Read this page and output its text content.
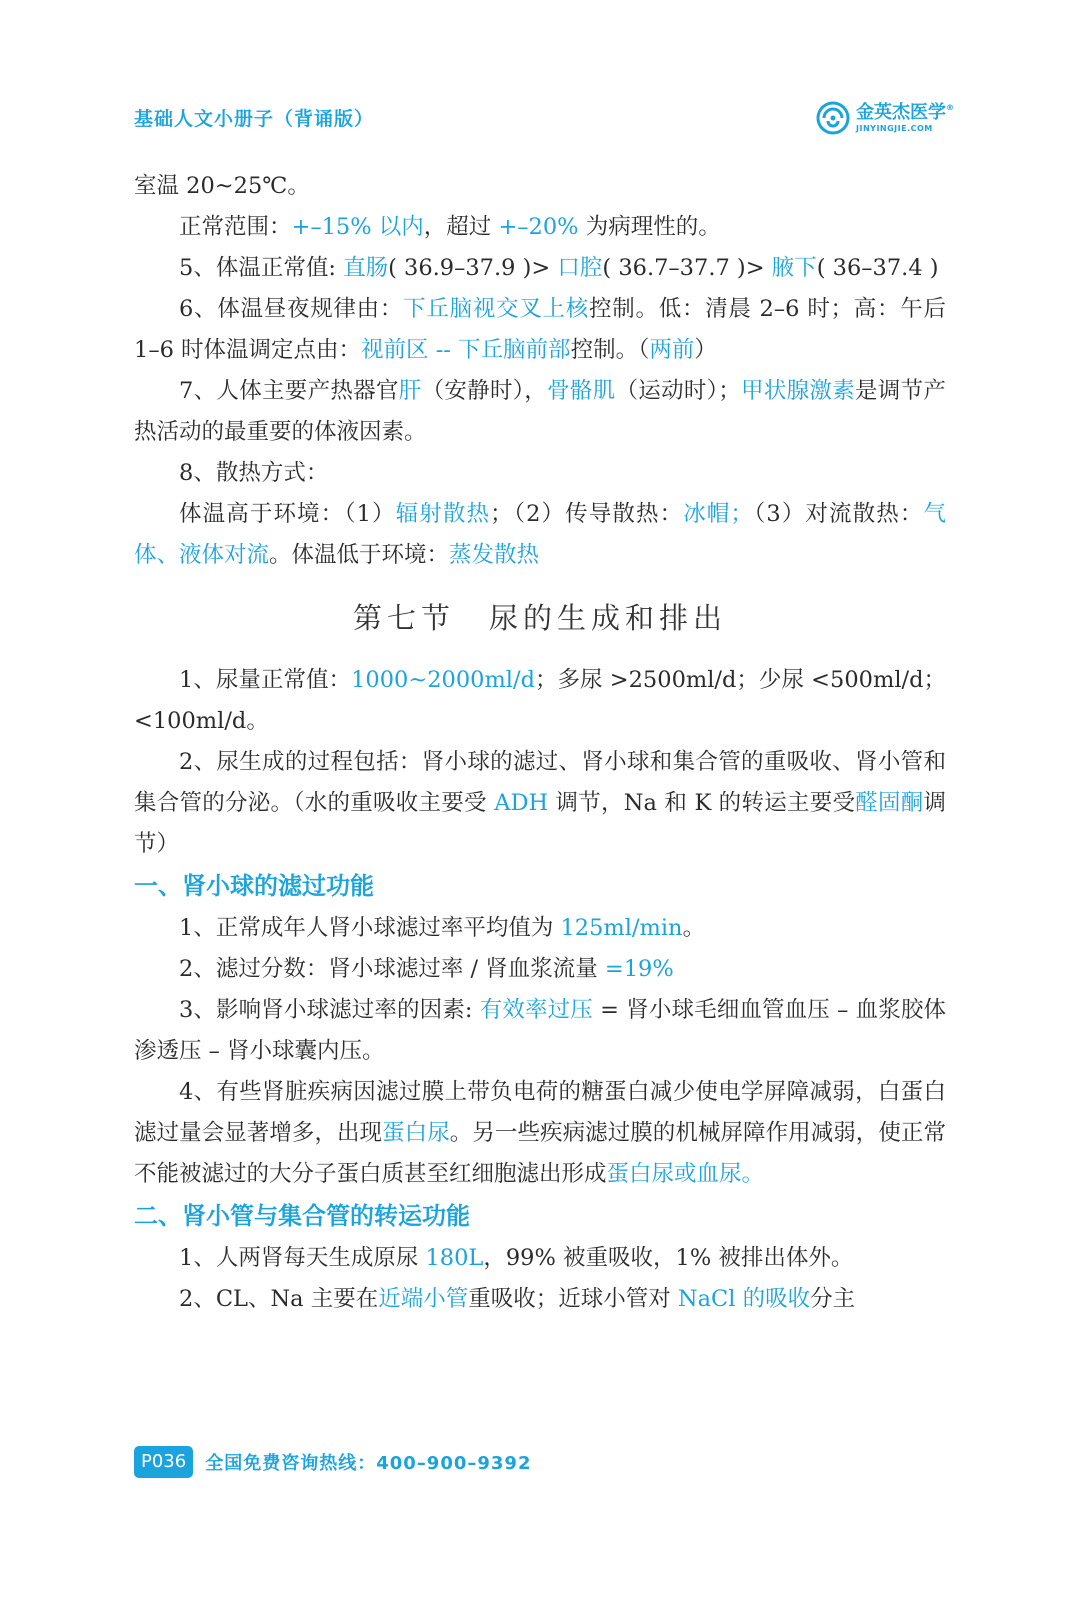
基础人文小册子（背诵版）	金英杰医学®
JINYINGJIE.COM

室温 20~25℃。

正常范围：+–15% 以内，超过 +–20% 为病理性的。

5、体温正常值: 直肠( 36.9–37.9 )> 口腔( 36.7–37.7 )> 腋下( 36–37.4 )

6、体温昼夜规律由：下丘脑视交叉上核控制。低：清晨 2–6 时；高：午后 1–6 时体温调定点由：视前区 -- 下丘脑前部控制。（两前）

7、人体主要产热器官肝（安静时），骨骼肌（运动时）；甲状腺激素是调节产热活动的最重要的体液因素。

8、散热方式：

体温高于环境：（1）辐射散热；（2）传导散热：冰帽；（3）对流散热：气体、液体对流。体温低于环境：蒸发散热

第七节 尿的生成和排出

1、尿量正常值：1000~2000ml/d；多尿 >2500ml/d；少尿 <500ml/d；<100ml/d。

2、尿生成的过程包括：肾小球的滤过、肾小球和集合管的重吸收、肾小管和集合管的分泌。（水的重吸收主要受 ADH 调节，Na 和 K 的转运主要受醛固酮调节）

一、肾小球的滤过功能

1、正常成年人肾小球滤过率平均值为 125ml/min。

2、滤过分数：肾小球滤过率 / 肾血浆流量 =19%

3、影响肾小球滤过率的因素: 有效率过压 = 肾小球毛细血管血压 – 血浆胶体渗透压 – 肾小球囊内压。

4、有些肾脏疾病因滤过膜上带负电荷的糖蛋白减少使电学屏障减弱，白蛋白滤过量会显著增多，出现蛋白尿。另一些疾病滤过膜的机械屏障作用减弱，使正常不能被滤过的大分子蛋白质甚至红细胞滤出形成蛋白尿或血尿。

二、肾小管与集合管的转运功能

1、人两肾每天生成原尿 180L，99% 被重吸收，1% 被排出体外。

2、CL、Na 主要在近端小管重吸收；近球小管对 NaCl 的吸收分主

P036	全国免费咨询热线：400–900–9392
